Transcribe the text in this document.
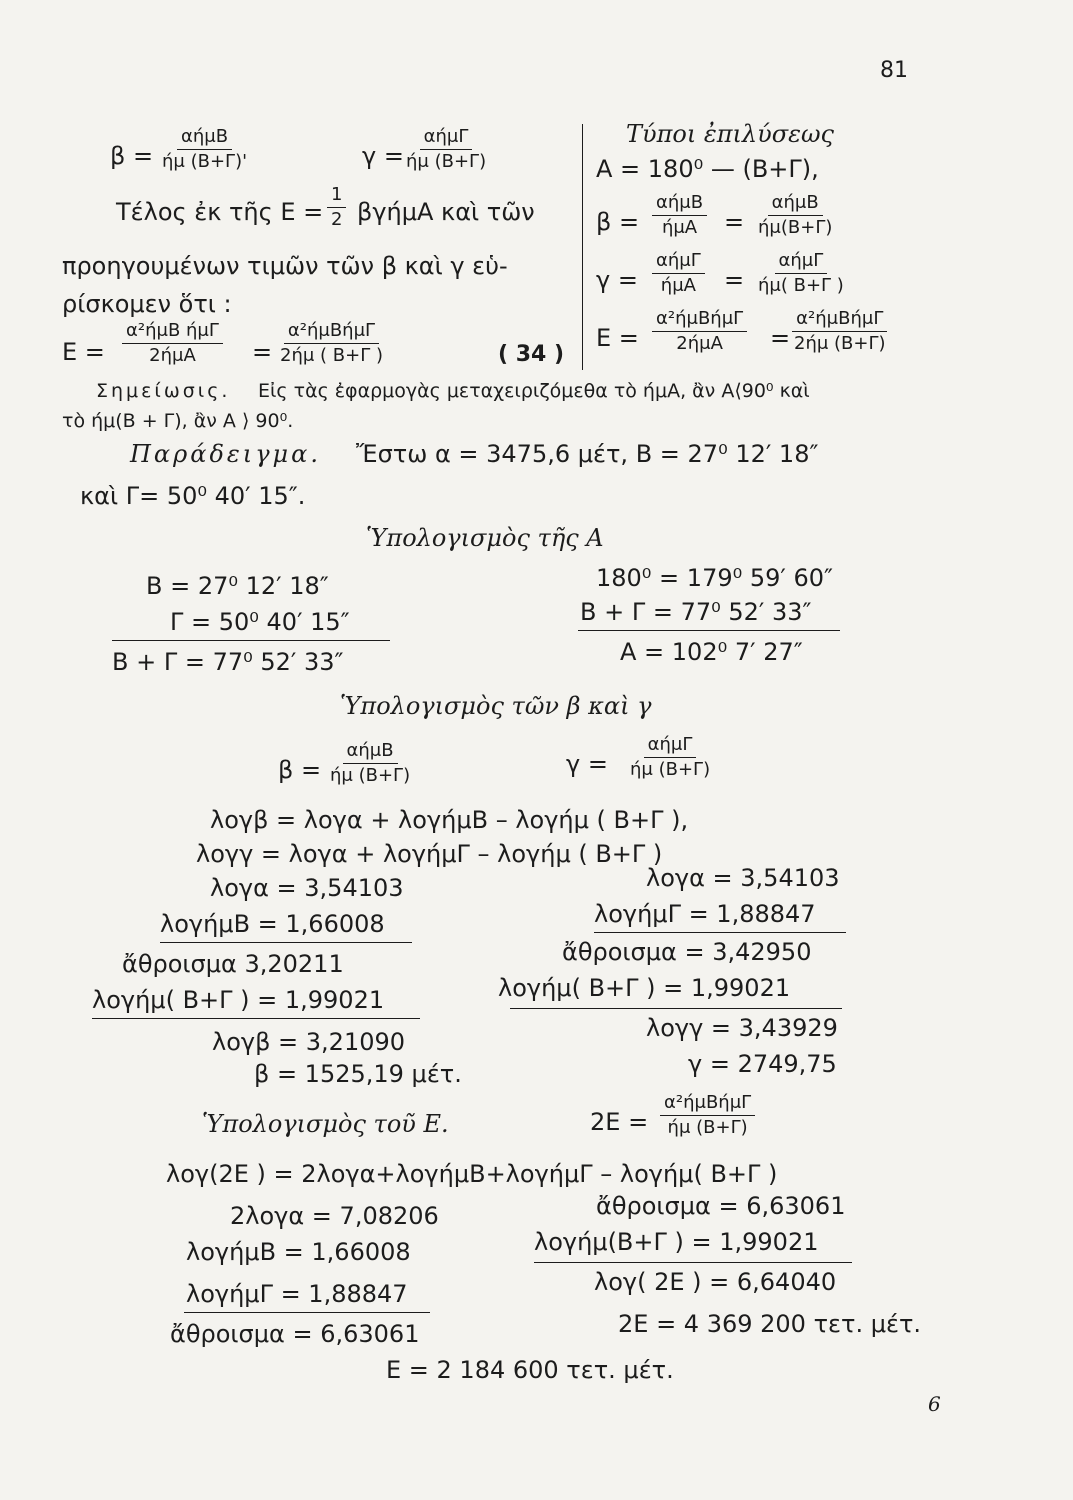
81
β =
αήμΒ
ήμ (Β+Γ)'	γ =
αήμΓ
ήμ (Β+Γ)
Τέλος ἐκ τῆς $E = \frac{1}{2}$ βγήμΑ καὶ τῶν
προηγουμένων τιμῶν τῶν β καὶ γ εὑ-
ρίσκομεν ὅτι :
E =
α²ήμΒ ήμΓ
2ήμΑ =
α²ήμΒήμΓ
2ήμ ( Β+Γ )	( 34 )
Τύποι ἐπιλύσεως
A = 180⁰ — (Β+Γ),
β =
αήμΒ
ήμΑ =
αήμΒ
ήμ(Β+Γ)
γ =
αήμΓ
ήμΑ =
αήμΓ
ήμ( Β+Γ )
E =
α²ήμΒήμΓ
2ήμΑ =
α²ήμΒήμΓ
2ήμ (Β+Γ)
Σημείωσις. Εἰς τὰς ἐφαρμογὰς μεταχειριζόμεθα τὸ ήμΑ, ἂν Α⟨90⁰ καὶ
τὸ ήμ(Β + Γ), ἂν Α ⟩ 90⁰.
Παράδειγμα. Ἔστω α = 3475,6 μέτ, Β = 27⁰ 12′ 18″
καὶ Γ= 50⁰ 40′ 15″.
Ὑπολογισμὸς τῆς A
Β = 27⁰ 12′ 18″
Γ = 50⁰ 40′ 15″
Β + Γ = 77⁰ 52′ 33″
180⁰ = 179⁰ 59′ 60″
Β + Γ = 77⁰ 52′ 33″
A = 102⁰ 7′ 27″
Ὑπολογισμὸς τῶν β καὶ γ
β =
αήμΒ
ήμ (Β+Γ)	γ =
αήμΓ
ήμ (Β+Γ)
λογβ = λογα + λογήμΒ – λογήμ ( Β+Γ ),
λογγ = λογα + λογήμΓ – λογήμ ( Β+Γ )
λογα = 3,54103
λογήμΒ = 1,66008
ἄθροισμα 3,20211
λογήμ( Β+Γ ) = 1,99021
λογβ = 3,21090
β = 1525,19 μέτ.
λογα = 3,54103
λογήμΓ = 1,88847
ἄθροισμα = 3,42950
λογήμ( Β+Γ ) = 1,99021
λογγ = 3,43929
γ = 2749,75
Ὑπολογισμὸς τοῦ E.	2E =
α²ήμΒήμΓ
ήμ (Β+Γ)
λογ(2E ) = 2λογα+λογήμΒ+λογήμΓ – λογήμ( Β+Γ )
2λογα = 7,08206
λογήμΒ = 1,66008
λογήμΓ = 1,88847
ἄθροισμα = 6,63061
ἄθροισμα = 6,63061
λογήμ(Β+Γ ) = 1,99021
λογ( 2E ) = 6,64040
2E = 4 369 200 τετ. μέτ.
E = 2 184 600 τετ. μέτ.
6
